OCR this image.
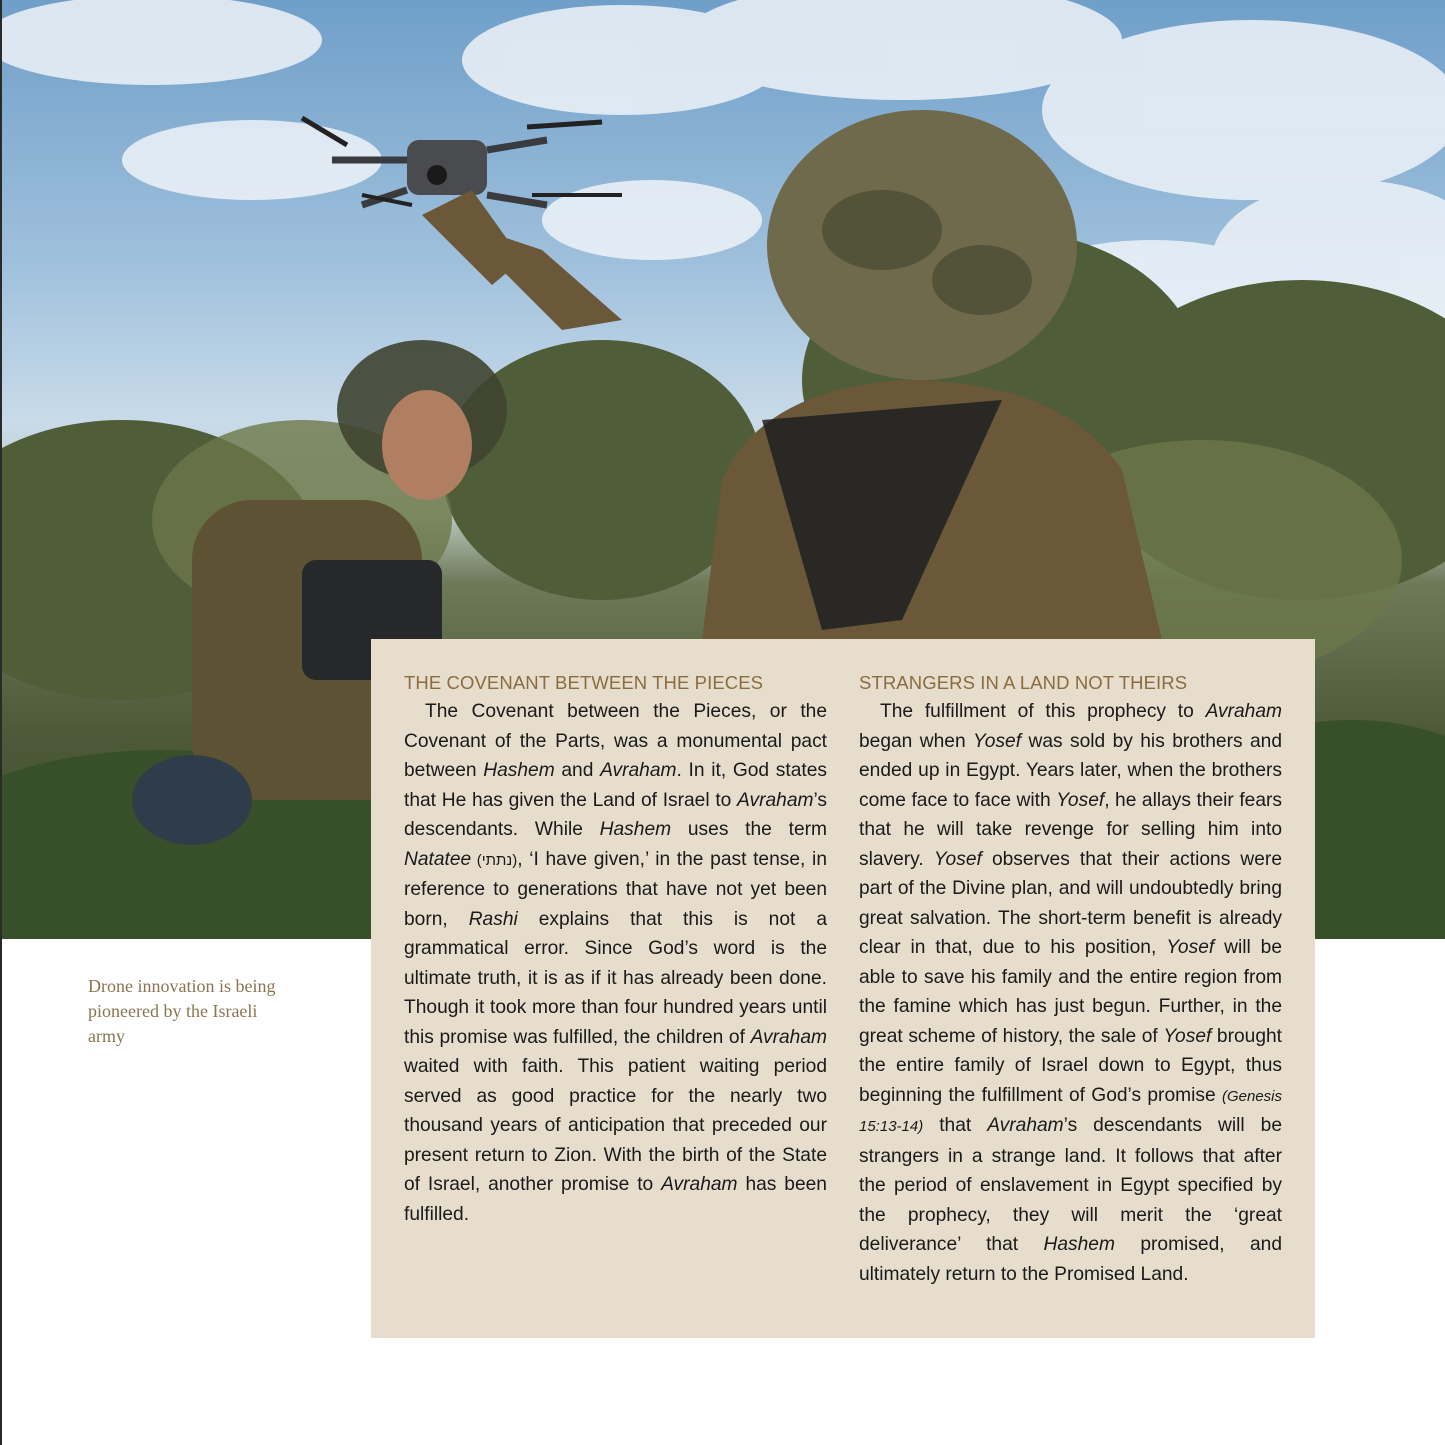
Drone innovation is being pioneered by the Israeli army
THE COVENANT BETWEEN THE PIECES

The Covenant between the Pieces, or the Covenant of the Parts, was a monumental pact between Hashem and Avraham. In it, God states that He has given the Land of Israel to Avraham’s descendants. While Hashem uses the term Natatee (נתתי), ‘I have given,’ in the past tense, in reference to generations that have not yet been born, Rashi explains that this is not a grammatical error. Since God’s word is the ultimate truth, it is as if it has already been done. Though it took more than four hundred years until this promise was fulfilled, the children of Avraham waited with faith. This patient waiting period served as good practice for the nearly two thousand years of anticipation that preceded our present return to Zion. With the birth of the State of Israel, another promise to Avraham has been fulfilled.

STRANGERS IN A LAND NOT THEIRS

The fulfillment of this prophecy to Avraham began when Yosef was sold by his brothers and ended up in Egypt. Years later, when the brothers come face to face with Yosef, he allays their fears that he will take revenge for selling him into slavery. Yosef observes that their actions were part of the Divine plan, and will undoubtedly bring great salvation. The short-term benefit is already clear in that, due to his position, Yosef will be able to save his family and the entire region from the famine which has just begun. Further, in the great scheme of history, the sale of Yosef brought the entire family of Israel down to Egypt, thus beginning the fulfillment of God’s promise (Genesis 15:13-14) that Avraham’s descendants will be strangers in a strange land. It follows that after the period of enslavement in Egypt specified by the prophecy, they will merit the ‘great deliverance’ that Hashem promised, and ultimately return to the Promised Land.
